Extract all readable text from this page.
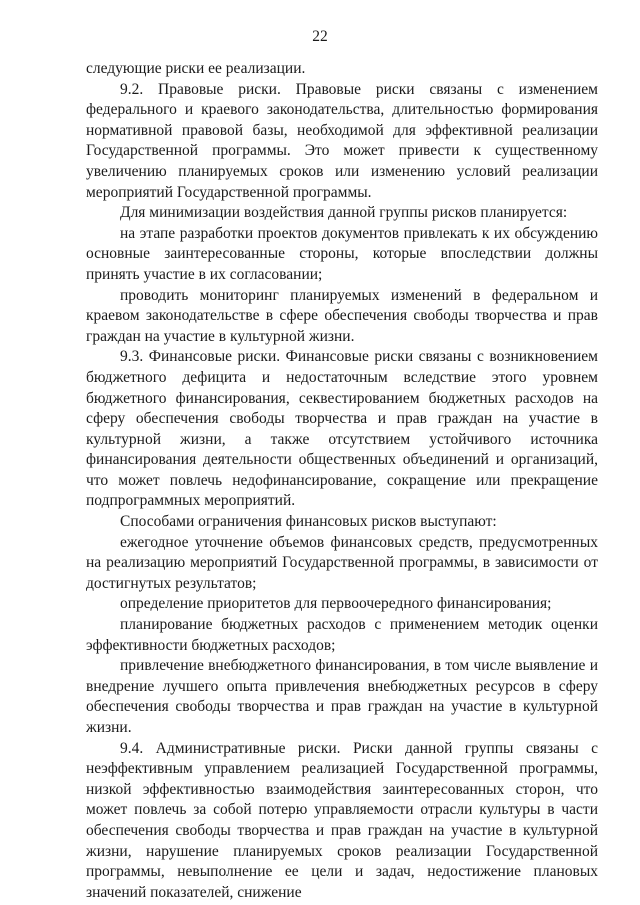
22

следующие риски ее реализации.

9.2. Правовые риски. Правовые риски связаны с изменением федерального и краевого законодательства, длительностью формирования нормативной правовой базы, необходимой для эффективной реализации Государственной программы. Это может привести к существенному увеличению планируемых сроков или изменению условий реализации мероприятий Государственной программы.

Для минимизации воздействия данной группы рисков планируется:

на этапе разработки проектов документов привлекать к их обсуждению основные заинтересованные стороны, которые впоследствии должны принять участие в их согласовании;

проводить мониторинг планируемых изменений в федеральном и краевом законодательстве в сфере обеспечения свободы творчества и прав граждан на участие в культурной жизни.

9.3. Финансовые риски. Финансовые риски связаны с возникновением бюджетного дефицита и недостаточным вследствие этого уровнем бюджетного финансирования, секвестированием бюджетных расходов на сферу обеспечения свободы творчества и прав граждан на участие в культурной жизни, а также отсутствием устойчивого источника финансирования деятельности общественных объединений и организаций, что может повлечь недофинансирование, сокращение или прекращение подпрограммных мероприятий.

Способами ограничения финансовых рисков выступают:

ежегодное уточнение объемов финансовых средств, предусмотренных на реализацию мероприятий Государственной программы, в зависимости от достигнутых результатов;

определение приоритетов для первоочередного финансирования;

планирование бюджетных расходов с применением методик оценки эффективности бюджетных расходов;

привлечение внебюджетного финансирования, в том числе выявление и внедрение лучшего опыта привлечения внебюджетных ресурсов в сферу обеспечения свободы творчества и прав граждан на участие в культурной жизни.

9.4. Административные риски. Риски данной группы связаны с неэффективным управлением реализацией Государственной программы, низкой эффективностью взаимодействия заинтересованных сторон, что может повлечь за собой потерю управляемости отрасли культуры в части обеспечения свободы творчества и прав граждан на участие в культурной жизни, нарушение планируемых сроков реализации Государственной программы, невыполнение ее цели и задач, недостижение плановых значений показателей, снижение
